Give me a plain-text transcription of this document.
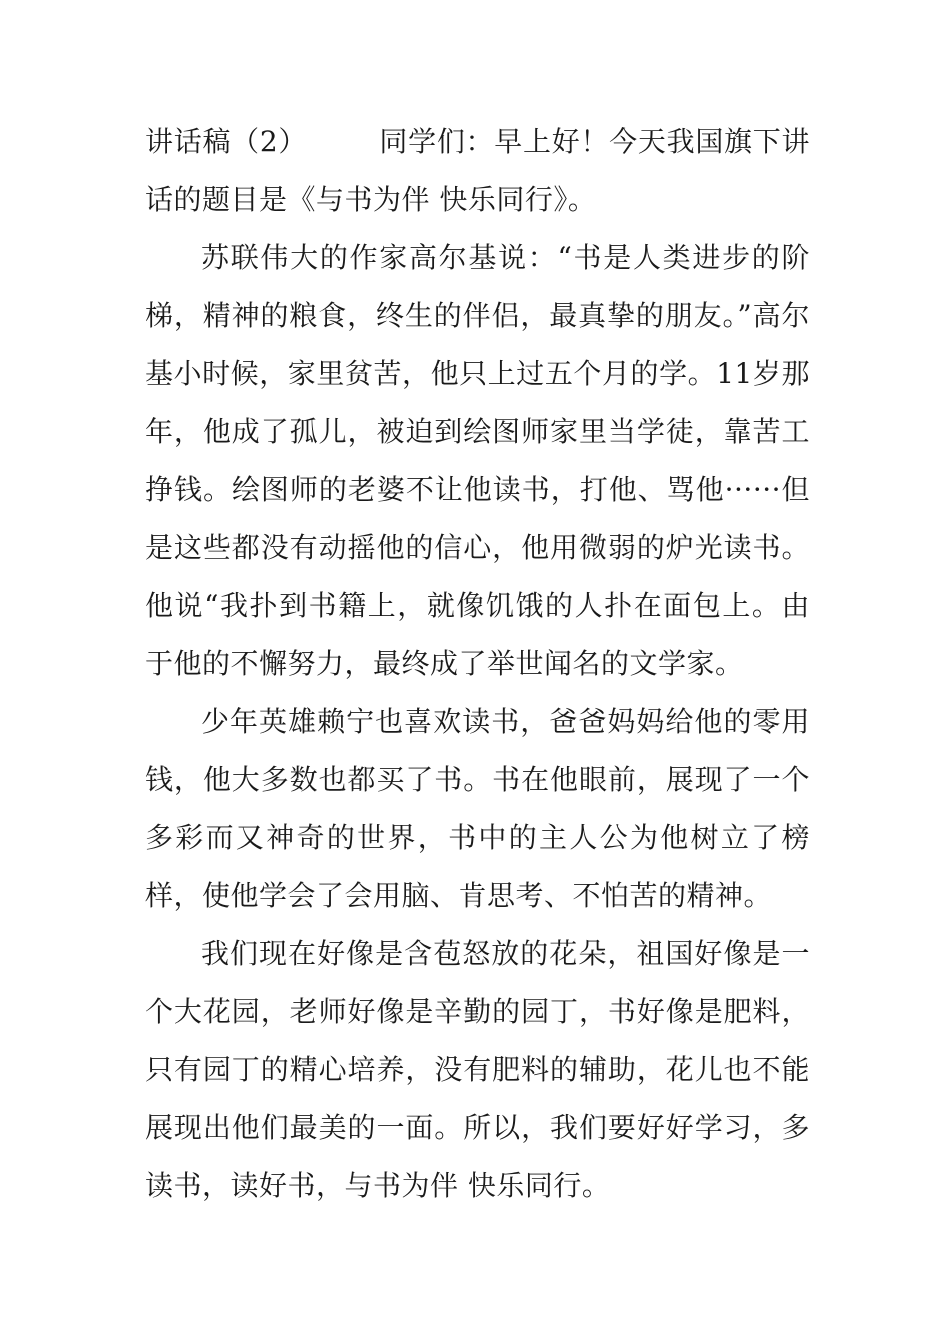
讲话稿（2）	同学们：早上好！今天我国旗下讲话的题目是《与书为伴 快乐同行》。

苏联伟大的作家高尔基说：“书是人类进步的阶梯，精神的粮食，终生的伴侣，最真挚的朋友。”高尔基小时候，家里贫苦，他只上过五个月的学。11岁那年，他成了孤儿，被迫到绘图师家里当学徒，靠苦工挣钱。绘图师的老婆不让他读书，打他、骂他······但是这些都没有动摇他的信心，他用微弱的炉光读书。他说“我扑到书籍上，就像饥饿的人扑在面包上。由于他的不懈努力，最终成了举世闻名的文学家。

少年英雄赖宁也喜欢读书，爸爸妈妈给他的零用钱，他大多数也都买了书。书在他眼前，展现了一个多彩而又神奇的世界，书中的主人公为他树立了榜样，使他学会了会用脑、肯思考、不怕苦的精神。

我们现在好像是含苞怒放的花朵，祖国好像是一个大花园，老师好像是辛勤的园丁，书好像是肥料，只有园丁的精心培养，没有肥料的辅助，花儿也不能展现出他们最美的一面。所以，我们要好好学习，多读书，读好书，与书为伴 快乐同行。
